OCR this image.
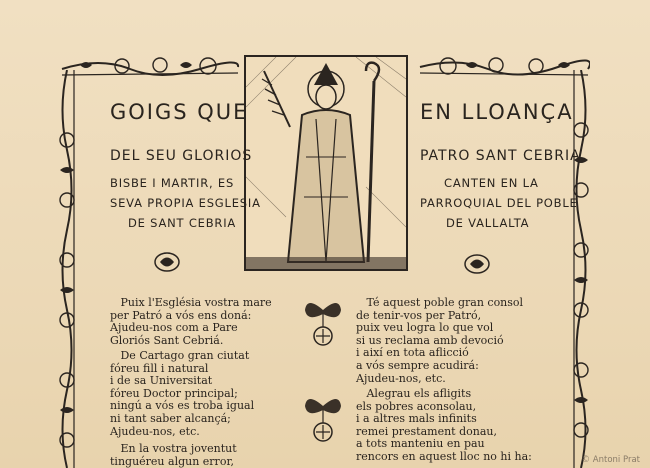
GOIGS QUE	EN LLOANÇA
DEL SEU GLORIOS	PATRO SANT CEBRIA
BISBE I MARTIR, ES
SEVA PROPIA ESGLESIA
DE SANT CEBRIA
CANTEN EN LA
PARROQUIAL DEL POBLE
DE VALLALTA
Puix l'Església vostra mare
per Patró a vós ens doná:
Ajudeu-nos com a Pare
Gloriós Sant Cebriá.
De Cartago gran ciutat
fóreu fill i natural
i de sa Universitat
fóreu Doctor principal;
ningú a vós es troba igual
ni tant saber alcançá;
Ajudeu-nos, etc.
En la vostra joventut
tinguéreu algun error,
Té aquest poble gran consol
de tenir-vos per Patró,
puix veu logra lo que vol
si us reclama amb devoció
i així en tota aflicció
a vós sempre acudirá:
Ajudeu-nos, etc.
Alegrau els afligits
els pobres aconsolau,
i a altres mals infinits
remei prestament donau,
a tots manteniu en pau
rencors en aquest lloc no hi ha:	© Antoni Prat
